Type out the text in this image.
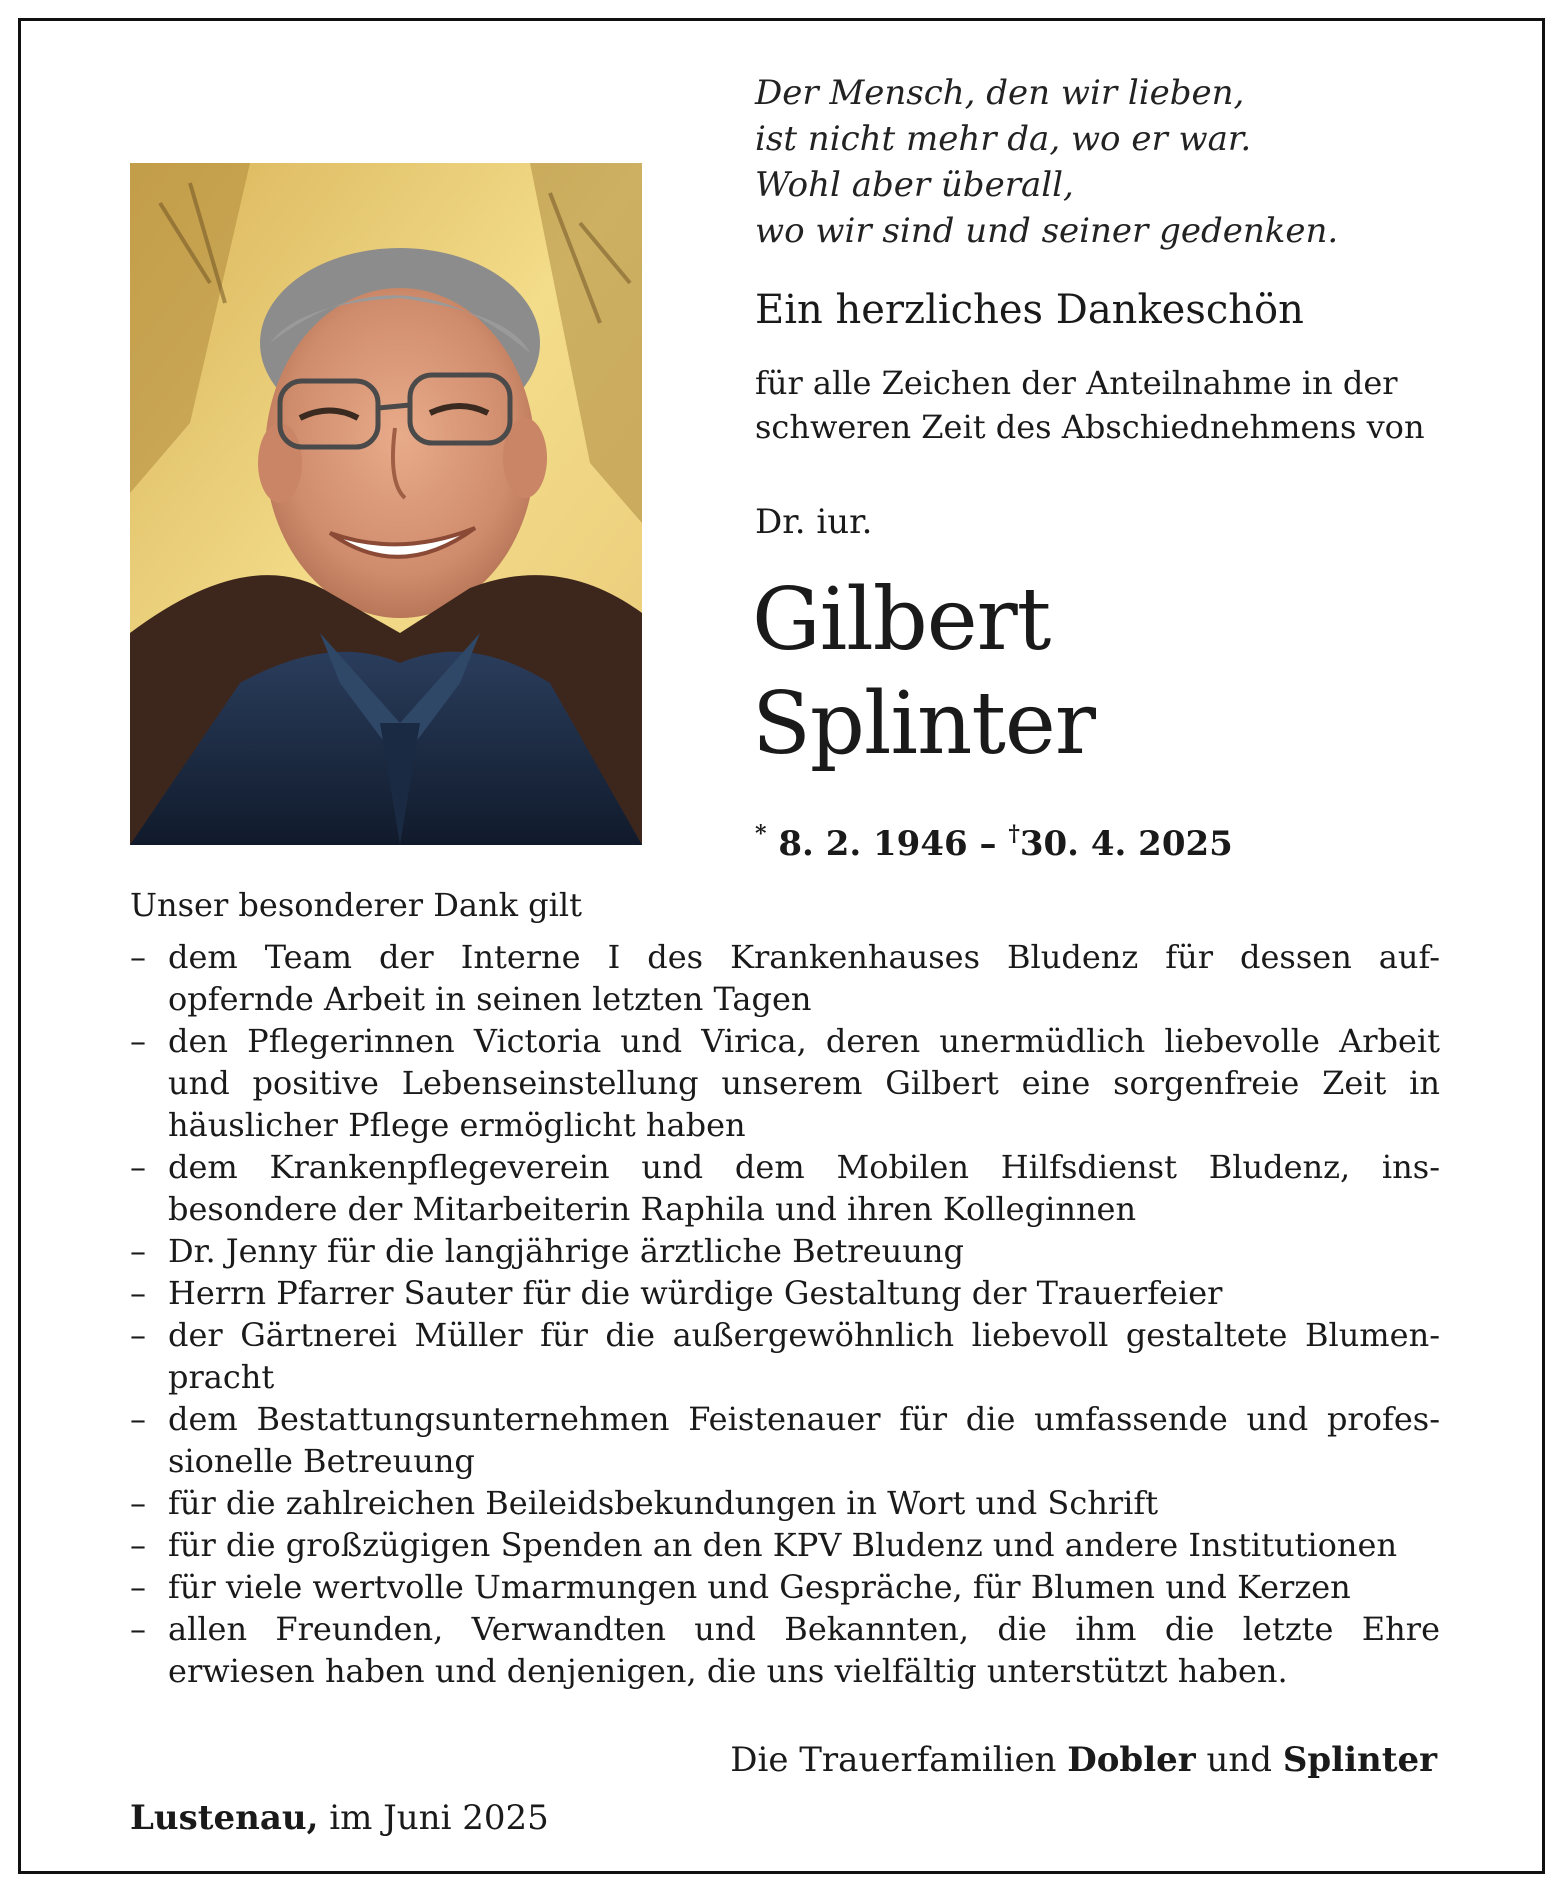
Der Mensch, den wir lieben,
ist nicht mehr da, wo er war.
Wohl aber überall,
wo wir sind und seiner gedenken.
Ein herzliches Dankeschön
für alle Zeichen der Anteilnahme in der
schweren Zeit des Abschiednehmens von
Dr. iur.
Gilbert
Splinter
* 8. 2. 1946 – †30. 4. 2025
Unser besonderer Dank gilt
– dem Team der Interne I des Krankenhauses Bludenz für dessen auf-
opfernde Arbeit in seinen letzten Tagen
– den Pflegerinnen Victoria und Virica, deren unermüdlich liebevolle Arbeit
und positive Lebenseinstellung unserem Gilbert eine sorgenfreie Zeit in
häuslicher Pflege ermöglicht haben
– dem Krankenpflegeverein und dem Mobilen Hilfsdienst Bludenz, ins-
besondere der Mitarbeiterin Raphila und ihren Kolleginnen
– Dr. Jenny für die langjährige ärztliche Betreuung
– Herrn Pfarrer Sauter für die würdige Gestaltung der Trauerfeier
– der Gärtnerei Müller für die außergewöhnlich liebevoll gestaltete Blumen-
pracht
– dem Bestattungsunternehmen Feistenauer für die umfassende und profes-
sionelle Betreuung
– für die zahlreichen Beileidsbekundungen in Wort und Schrift
– für die großzügigen Spenden an den KPV Bludenz und andere Institutionen
– für viele wertvolle Umarmungen und Gespräche, für Blumen und Kerzen
– allen Freunden, Verwandten und Bekannten, die ihm die letzte Ehre
erwiesen haben und denjenigen, die uns vielfältig unterstützt haben.
Die Trauerfamilien Dobler und Splinter
Lustenau, im Juni 2025
